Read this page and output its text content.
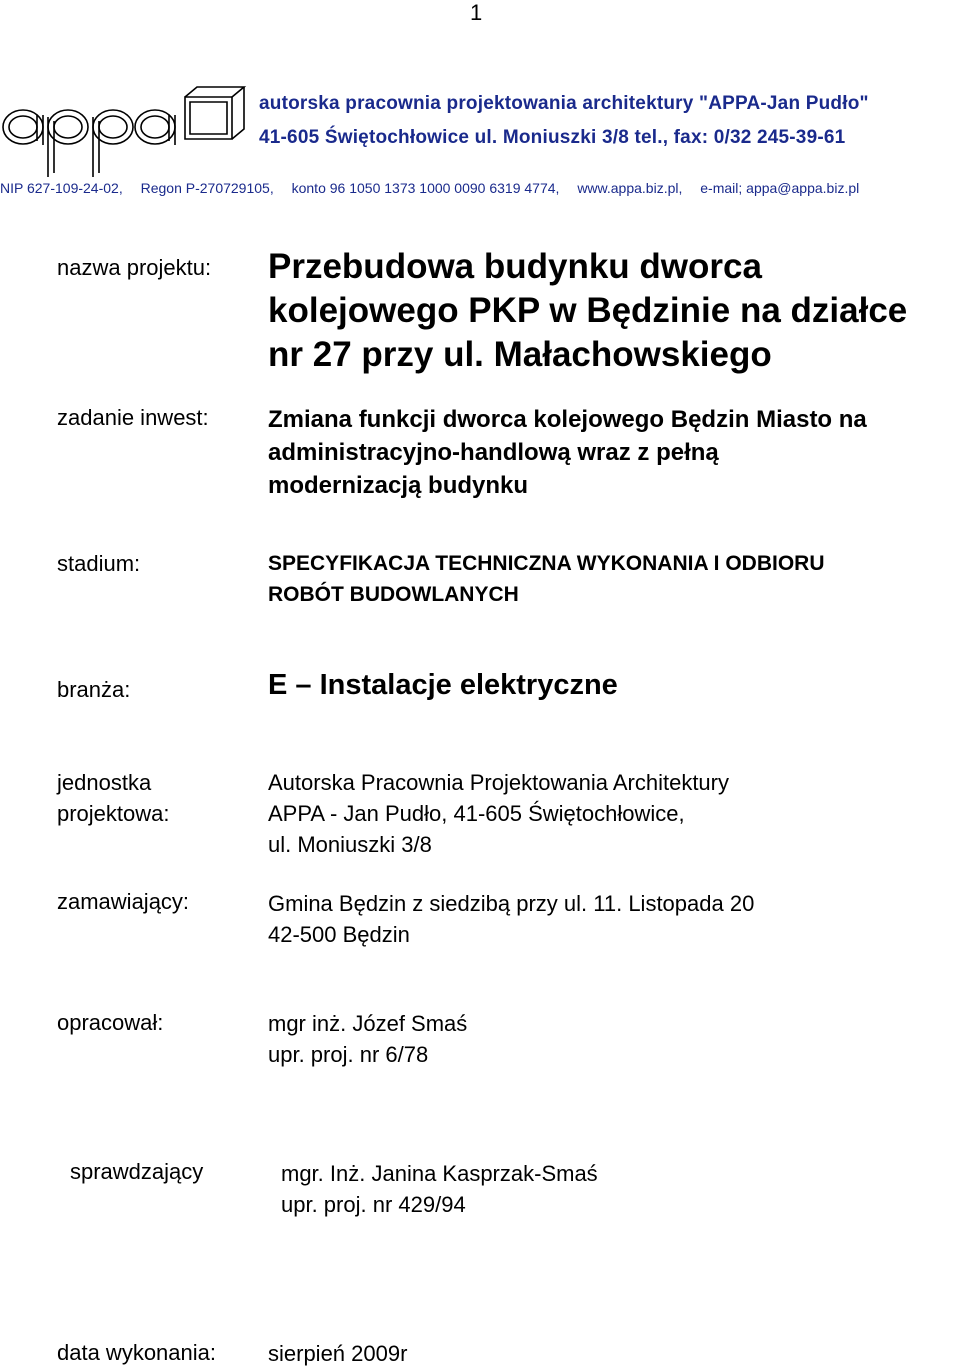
1
autorska pracownia projektowania architektury "APPA-Jan Pudło"
41-605 Świętochłowice ul. Moniuszki 3/8 tel., fax: 0/32 245-39-61
NIP 627-109-24-02, Regon P-270729105, konto 96 1050 1373 1000 0090 6319 4774, www.appa.biz.pl, e-mail; appa@appa.biz.pl
nazwa projektu: Przebudowa budynku dworca
kolejowego PKP w Będzinie na działce
nr 27 przy ul. Małachowskiego
zadanie inwest: Zmiana funkcji dworca kolejowego Będzin Miasto na
administracyjno-handlową wraz z pełną
modernizacją budynku
stadium:	SPECYFIKACJA TECHNICZNA WYKONANIA I ODBIORU
ROBÓT BUDOWLANYCH
branża:	E – Instalacje elektryczne
jednostka
projektowa:
Autorska Pracownia Projektowania Architektury
APPA - Jan Pudło, 41-605 Świętochłowice,
ul. Moniuszki 3/8
zamawiający:	Gmina Będzin z siedzibą przy ul. 11. Listopada 20
42-500 Będzin
opracował:	mgr inż. Józef Smaś
upr. proj. nr 6/78
sprawdzający	mgr. Inż. Janina Kasprzak-Smaś
upr. proj. nr 429/94
data wykonania: sierpień 2009r
